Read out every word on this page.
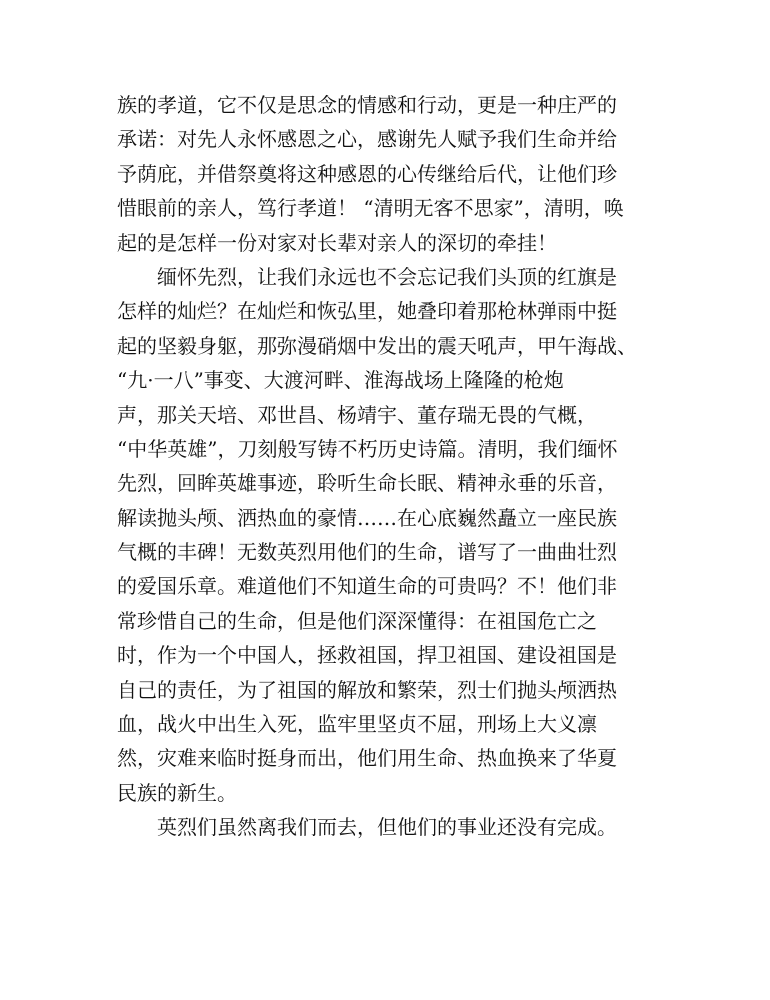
族的孝道，它不仅是思念的情感和行动，更是一种庄严的
承诺：对先人永怀感恩之心，感谢先人赋予我们生命并给
予荫庇，并借祭奠将这种感恩的心传继给后代，让他们珍
惜眼前的亲人，笃行孝道！ “清明无客不思家”，清明，唤
起的是怎样一份对家对长辈对亲人的深切的牵挂！
　　缅怀先烈，让我们永远也不会忘记我们头顶的红旗是
怎样的灿烂？在灿烂和恢弘里，她叠印着那枪林弹雨中挺
起的坚毅身躯，那弥漫硝烟中发出的震天吼声，甲午海战、
“九·一八”事变、大渡河畔、淮海战场上隆隆的枪炮
声，那关天培、邓世昌、杨靖宇、董存瑞无畏的气概，
“中华英雄”，刀刻般写铸不朽历史诗篇。清明，我们缅怀
先烈，回眸英雄事迹，聆听生命长眠、精神永垂的乐音，
解读抛头颅、洒热血的豪情……在心底巍然矗立一座民族
气概的丰碑！无数英烈用他们的生命，谱写了一曲曲壮烈
的爱国乐章。难道他们不知道生命的可贵吗？不！他们非
常珍惜自己的生命，但是他们深深懂得：在祖国危亡之
时，作为一个中国人，拯救祖国，捍卫祖国、建设祖国是
自己的责任，为了祖国的解放和繁荣，烈士们抛头颅洒热
血，战火中出生入死，监牢里坚贞不屈，刑场上大义凛
然，灾难来临时挺身而出，他们用生命、热血换来了华夏
民族的新生。
　　英烈们虽然离我们而去，但他们的事业还没有完成。
